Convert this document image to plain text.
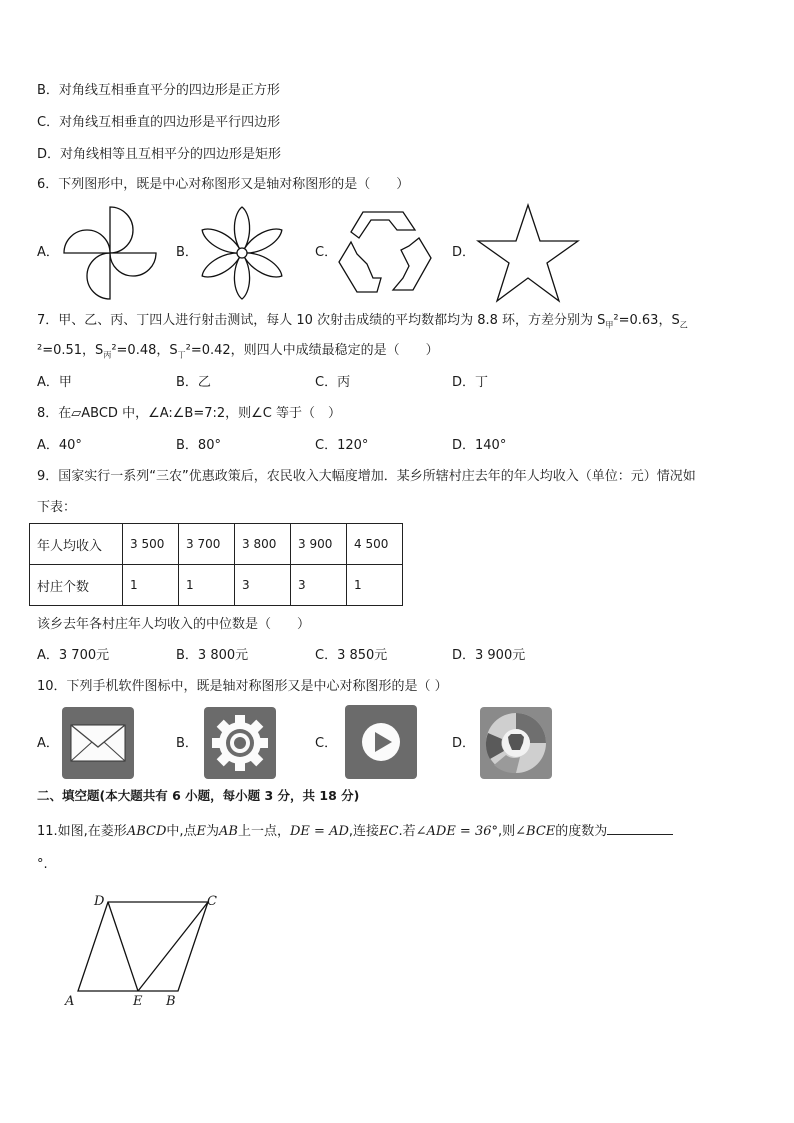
B．对角线互相垂直平分的四边形是正方形
C．对角线互相垂直的四边形是平行四边形
D．对角线相等且互相平分的四边形是矩形
6．下列图形中，既是中心对称图形又是轴对称图形的是（　　）
A．	B．	C．	D．
7．甲、乙、丙、丁四人进行射击测试，每人 10 次射击成绩的平均数都均为 8.8 环，方差分别为 $S_甲^2=0.63$，$S_乙$
²=0.51，$S_丙^2=0.48$，$S_丁^2=0.42$，则四人中成绩最稳定的是（　　）
A．甲	B．乙	C．丙	D．丁
8．在▱ABCD 中，∠A:∠B=7:2，则∠C 等于（　）
A．40°	B．80°	C．120°	D．140°
9．国家实行一系列“三农”优惠政策后，农民收入大幅度增加．某乡所辖村庄去年的年人均收入（单位：元）情况如
下表：
年人均收入	3 500	3 700	3 800	3 900	4 500
村庄个数	1	1	3	3	1
该乡去年各村庄年人均收入的中位数是（　　）
A．3 700元	B．3 800元	C．3 850元	D．3 900元
10．下列手机软件图标中，既是轴对称图形又是中心对称图形的是（ ）
A．	B．	C．	D．
二、填空题(本大题共有 6 小题，每小题 3 分，共 18 分)
11.如图,在菱形ABCD中,点E为AB上一点，DE = AD,连接EC.若∠ADE = 36°,则∠BCE的度数为
°.
D	C
A	E B
